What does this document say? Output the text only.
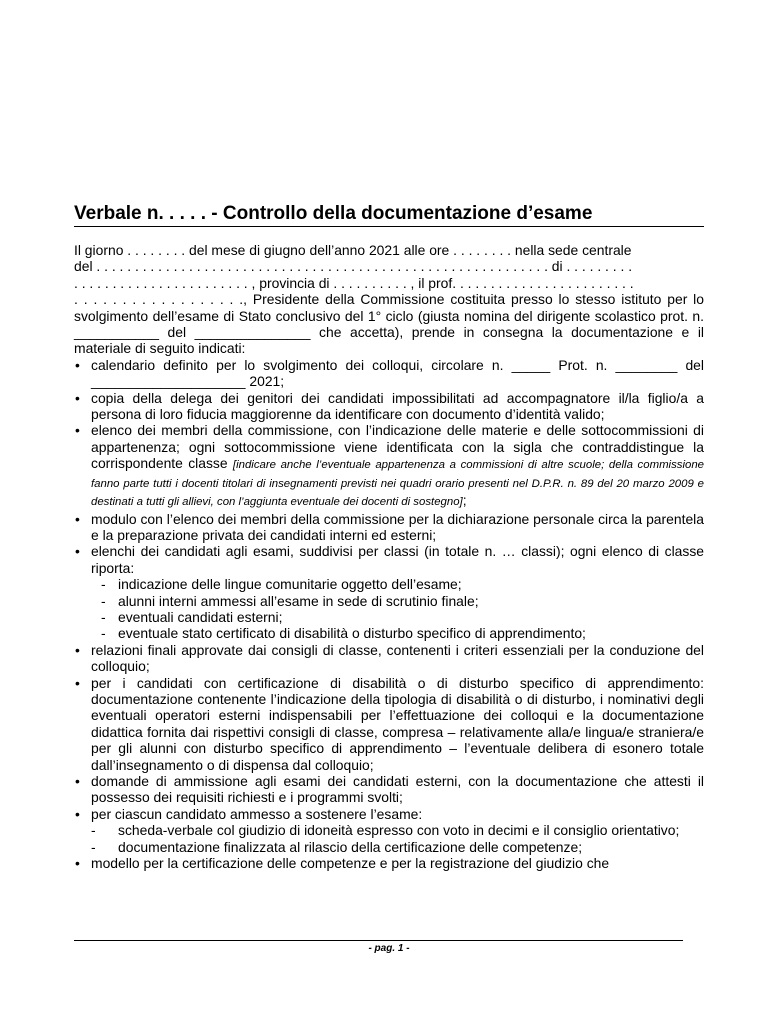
Verbale n. . . . . - Controllo della documentazione d’esame

Il giorno . . . . . . . . del mese di giugno dell’anno 2021 alle ore . . . . . . . . nella sede centrale

del . . . . . . . . . . . . . . . . . . . . . . . . . . . . . . . . . . . . . . . . . . . . . . . . . . . . . . . . . . . di . . . . . . . . .

. . . . . . . . . . . . . . . . . . . . . . . , provincia di . . . . . . . . . . , il prof. . . . . . . . . . . . . . . . . . . . . . . .

. . . . . . . . . . . . . . . . . ., Presidente della Commissione costituita presso lo stesso istituto per lo svolgimento dell’esame di Stato conclusivo del 1° ciclo (giusta nomina del dirigente scolastico prot. n. ___________ del _______________ che accetta), prende in consegna la documentazione e il materiale di seguito indicati:

• calendario definito per lo svolgimento dei colloqui, circolare n. _____ Prot. n. ________ del ____________________ 2021;
• copia della delega dei genitori dei candidati impossibilitati ad accompagnatore il/la figlio/a a persona di loro fiducia maggiorenne da identificare con documento d’identità valido;
• elenco dei membri della commissione, con l’indicazione delle materie e delle sottocommissioni di appartenenza; ogni sottocommissione viene identificata con la sigla che contraddistingue la corrispondente classe [indicare anche l’eventuale appartenenza a commissioni di altre scuole; della commissione fanno parte tutti i docenti titolari di insegnamenti previsti nei quadri orario presenti nel D.P.R. n. 89 del 20 marzo 2009 e destinati a tutti gli allievi, con l’aggiunta eventuale dei docenti di sostegno];
• modulo con l’elenco dei membri della commissione per la dichiarazione personale circa la parentela e la preparazione privata dei candidati interni ed esterni;
• elenchi dei candidati agli esami, suddivisi per classi (in totale n. … classi); ogni elenco di classe riporta:
- indicazione delle lingue comunitarie oggetto dell’esame;
- alunni interni ammessi all’esame in sede di scrutinio finale;
- eventuali candidati esterni;
- eventuale stato certificato di disabilità o disturbo specifico di apprendimento;
• relazioni finali approvate dai consigli di classe, contenenti i criteri essenziali per la conduzione del colloquio;
• per i candidati con certificazione di disabilità o di disturbo specifico di apprendimento: documentazione contenente l’indicazione della tipologia di disabilità o di disturbo, i nominativi degli eventuali operatori esterni indispensabili per l’effettuazione dei colloqui e la documentazione didattica fornita dai rispettivi consigli di classe, compresa – relativamente alla/e lingua/e straniera/e per gli alunni con disturbo specifico di apprendimento – l’eventuale delibera di esonero totale dall’insegnamento o di dispensa dal colloquio;
• domande di ammissione agli esami dei candidati esterni, con la documentazione che attesti il possesso dei requisiti richiesti e i programmi svolti;
• per ciascun candidato ammesso a sostenere l’esame:
- scheda-verbale col giudizio di idoneità espresso con voto in decimi e il consiglio orientativo;
- documentazione finalizzata al rilascio della certificazione delle competenze;
• modello per la certificazione delle competenze e per la registrazione del giudizio che
- pag. 1 -
